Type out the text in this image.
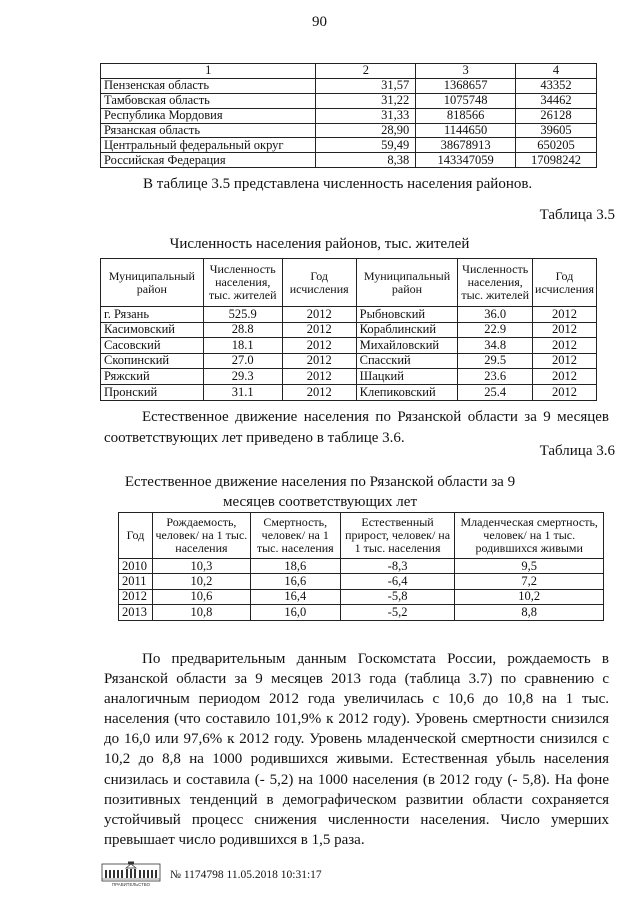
90
1	2	3	4
Пензенская область	31,57	1368657	43352
Тамбовская область	31,22	1075748	34462
Республика Мордовия	31,33	818566	26128
Рязанская область	28,90	1144650	39605
Центральный федеральный округ	59,49	38678913	650205
Российская Федерация	8,38	143347059	17098242
В таблице 3.5 представлена численность населения районов.
Таблица 3.5
Численность населения районов, тыс. жителей
Муниципальный район	Численность населения, тыс. жителей	Год исчисления	Муниципальный район	Численность населения, тыс. жителей	Год исчисления
г. Рязань	525.9	2012	Рыбновский	36.0	2012
Касимовский	28.8	2012	Кораблинский	22.9	2012
Сасовский	18.1	2012	Михайловский	34.8	2012
Скопинский	27.0	2012	Спасский	29.5	2012
Ряжский	29.3	2012	Шацкий	23.6	2012
Пронский	31.1	2012	Клепиковский	25.4	2012
Естественное движение населения по Рязанской области за 9 месяцев соответствующих лет приведено в таблице 3.6.
Таблица 3.6
Естественное движение населения по Рязанской области за 9 месяцев соответствующих лет
Год	Рождаемость, человек/ на 1 тыс. населения	Смертность, человек/ на 1 тыс. населения	Естественный прирост, человек/ на 1 тыс. населения	Младенческая смертность, человек/ на 1 тыс. родившихся живыми
2010	10,3	18,6	-8,3	9,5
2011	10,2	16,6	-6,4	7,2
2012	10,6	16,4	-5,8	10,2
2013	10,8	16,0	-5,2	8,8
По предварительным данным Госкомстата России, рождаемость в Рязанской области за 9 месяцев 2013 года (таблица 3.7) по сравнению с аналогичным периодом 2012 года увеличилась с 10,6 до 10,8 на 1 тыс. населения (что составило 101,9% к 2012 году). Уровень смертности снизился до 16,0 или 97,6% к 2012 году. Уровень младенческой смертности снизился с 10,2 до 8,8 на 1000 родившихся живыми. Естественная убыль населения снизилась и составила (- 5,2) на 1000 населения (в 2012 году (- 5,8). На фоне позитивных тенденций в демографическом развитии области сохраняется устойчивый процесс снижения численности населения. Число умерших превышает число родившихся в 1,5 раза.
ПРАВИТЕЛЬСТВО
№ 1174798 11.05.2018 10:31:17
